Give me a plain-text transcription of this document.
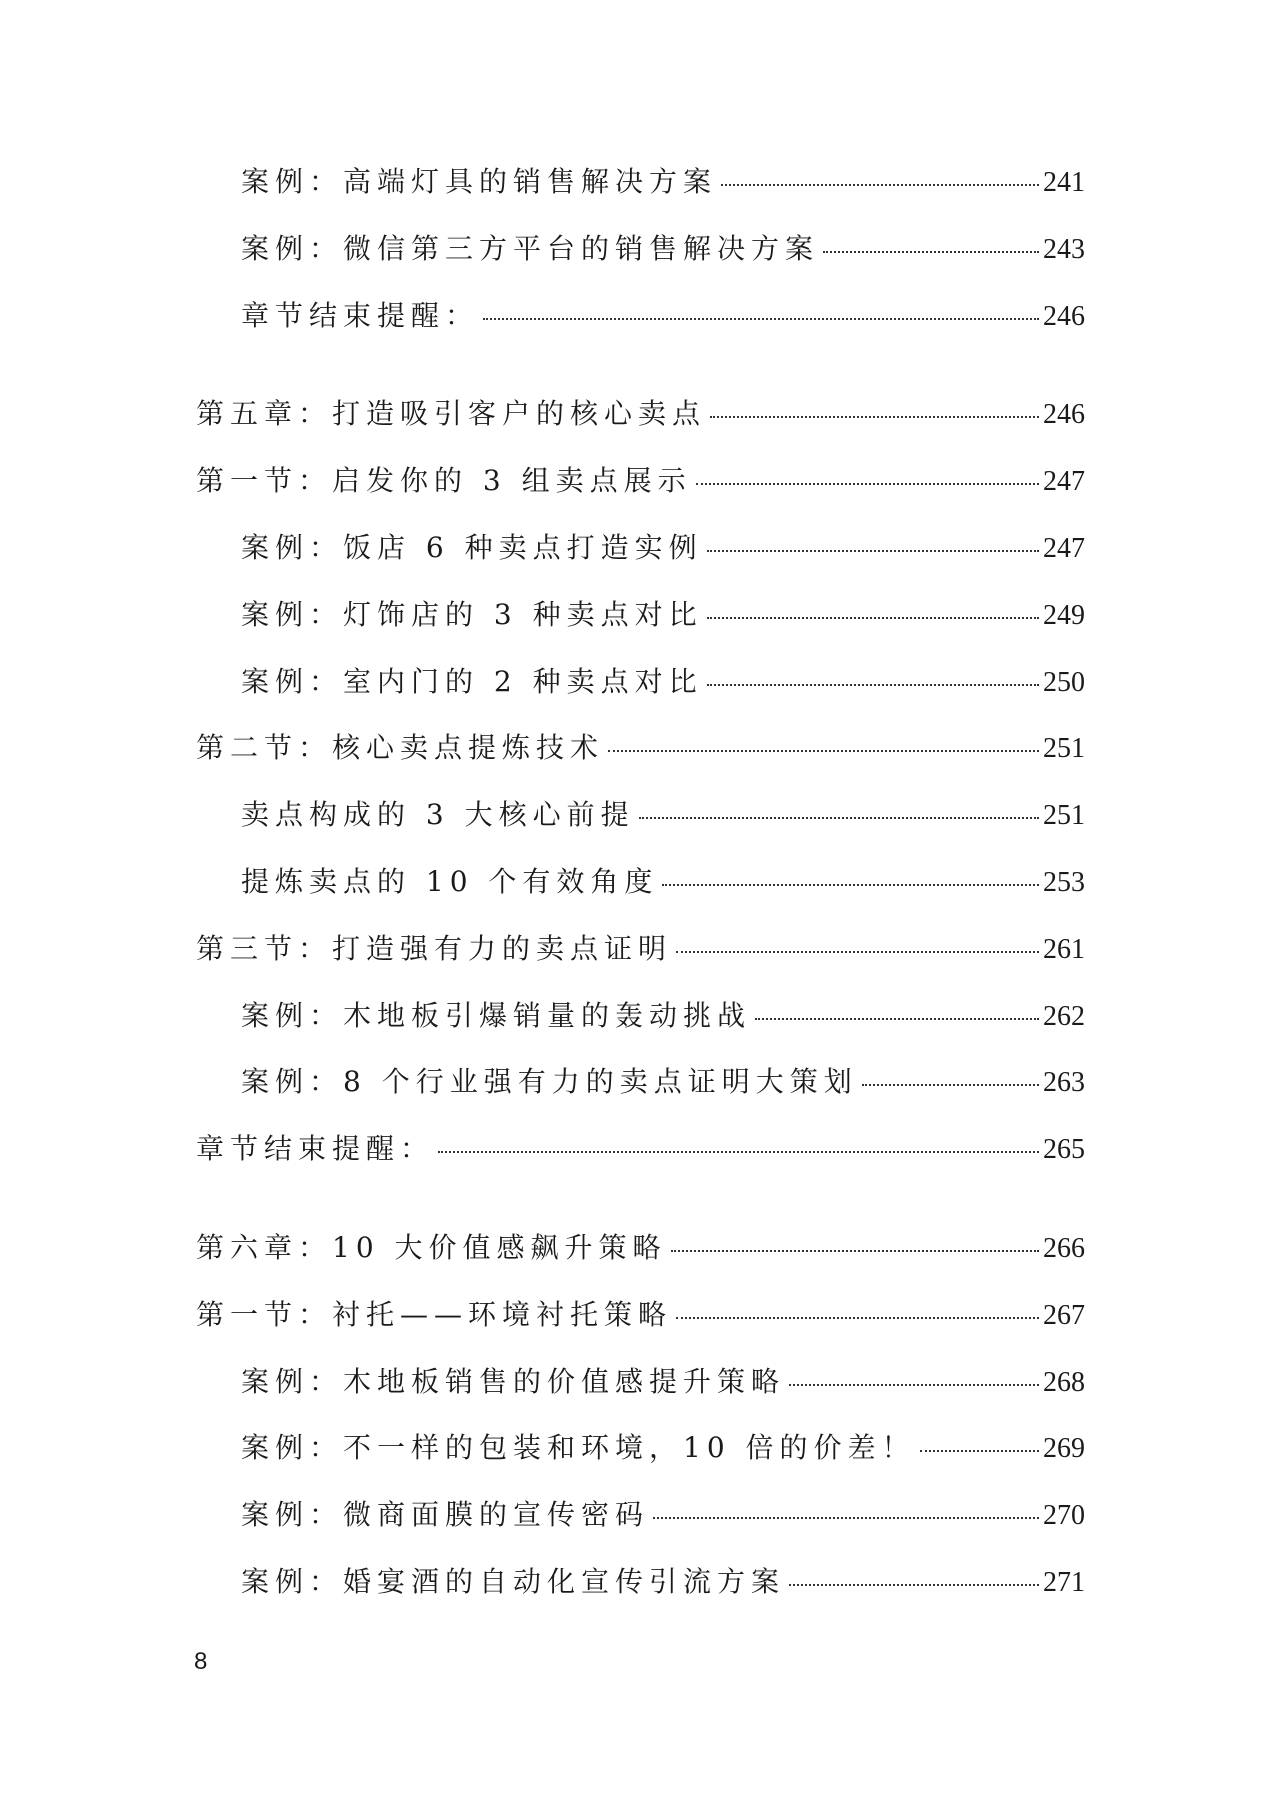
案例：高端灯具的销售解决方案	241
案例：微信第三方平台的销售解决方案	243
章节结束提醒：	246
第五章：打造吸引客户的核心卖点	246
第一节：启发你的 3 组卖点展示	247
案例：饭店 6 种卖点打造实例	247
案例：灯饰店的 3 种卖点对比	249
案例：室内门的 2 种卖点对比	250
第二节：核心卖点提炼技术	251
卖点构成的 3 大核心前提	251
提炼卖点的 10 个有效角度	253
第三节：打造强有力的卖点证明	261
案例：木地板引爆销量的轰动挑战	262
案例：8 个行业强有力的卖点证明大策划	263
章节结束提醒：	265
第六章：10 大价值感飙升策略	266
第一节：衬托——环境衬托策略	267
案例：木地板销售的价值感提升策略	268
案例：不一样的包装和环境，10 倍的价差！	269
案例：微商面膜的宣传密码	270
案例：婚宴酒的自动化宣传引流方案	271
8
